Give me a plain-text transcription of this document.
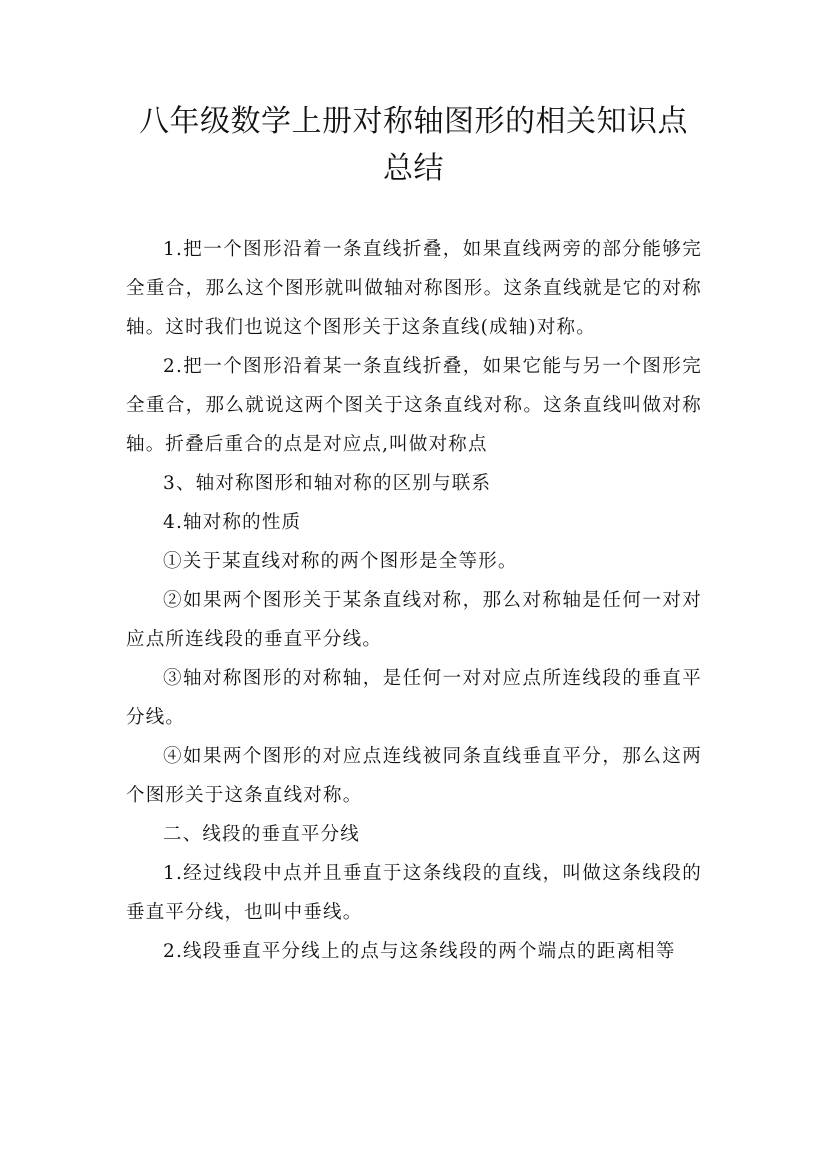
八年级数学上册对称轴图形的相关知识点
总结

1.把一个图形沿着一条直线折叠，如果直线两旁的部分能够完全重合，那么这个图形就叫做轴对称图形。这条直线就是它的对称轴。这时我们也说这个图形关于这条直线(成轴)对称。

2.把一个图形沿着某一条直线折叠，如果它能与另一个图形完全重合，那么就说这两个图关于这条直线对称。这条直线叫做对称轴。折叠后重合的点是对应点,叫做对称点

3、轴对称图形和轴对称的区别与联系

4.轴对称的性质

①关于某直线对称的两个图形是全等形。

②如果两个图形关于某条直线对称，那么对称轴是任何一对对应点所连线段的垂直平分线。

③轴对称图形的对称轴，是任何一对对应点所连线段的垂直平分线。

④如果两个图形的对应点连线被同条直线垂直平分，那么这两个图形关于这条直线对称。

二、线段的垂直平分线

1.经过线段中点并且垂直于这条线段的直线，叫做这条线段的垂直平分线，也叫中垂线。

2.线段垂直平分线上的点与这条线段的两个端点的距离相等
